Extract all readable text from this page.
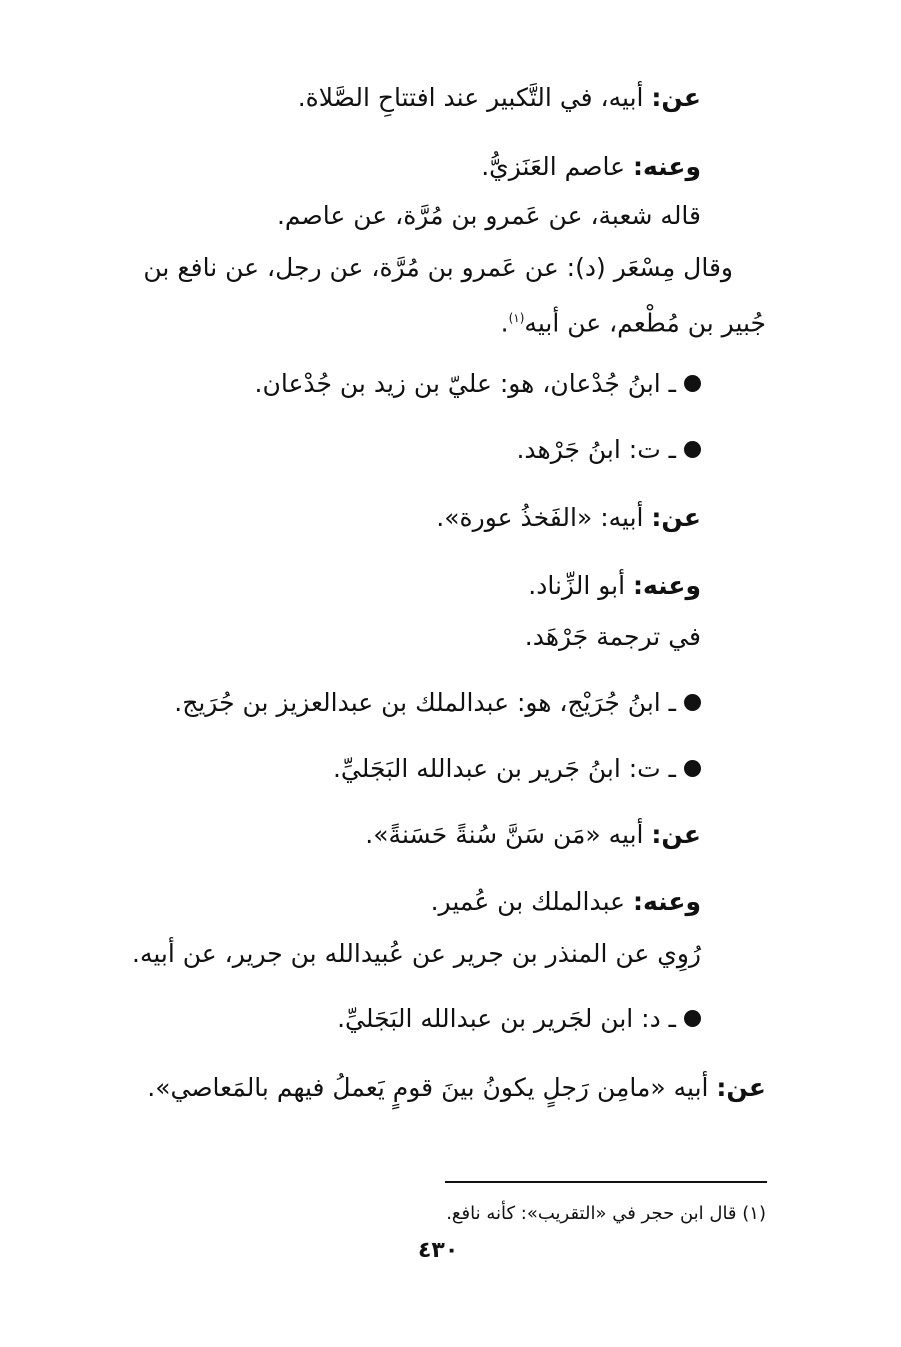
عن: أبيه، في التَّكبير عند افتتاحِ الصَّلاة.
وعنه: عاصم العَنَزيُّ.
قاله شعبة، عن عَمرو بن مُرَّة، عن عاصم.
وقال مِسْعَر (د): عن عَمرو بن مُرَّة، عن رجل، عن نافع بن
جُبير بن مُطْعم، عن أبيه$^{(١)}$.
ـ ابنُ جُدْعان، هو: عليّ بن زيد بن جُدْعان.
ـ ت: ابنُ جَرْهد.
عن: أبيه: «الفَخذُ عورة».
وعنه: أبو الزِّناد.
في ترجمة جَرْهَد.
ـ ابنُ جُرَيْج، هو: عبدالملك بن عبدالعزيز بن جُرَيج.
ـ ت: ابنُ جَرير بن عبدالله البَجَليِّ.
عن: أبيه «مَن سَنَّ سُنةً حَسَنةً».
وعنه: عبدالملك بن عُمير.
رُوِي عن المنذر بن جرير عن عُبيدالله بن جرير، عن أبيه.
ـ د: ابن لجَرير بن عبدالله البَجَليِّ.
عن: أبيه «مامِن رَجلٍ يكونُ بينَ قومٍ يَعملُ فيهم بالمَعاصي».
(١) قال ابن حجر في «التقريب»: كأنه نافع.
٤٣٠
